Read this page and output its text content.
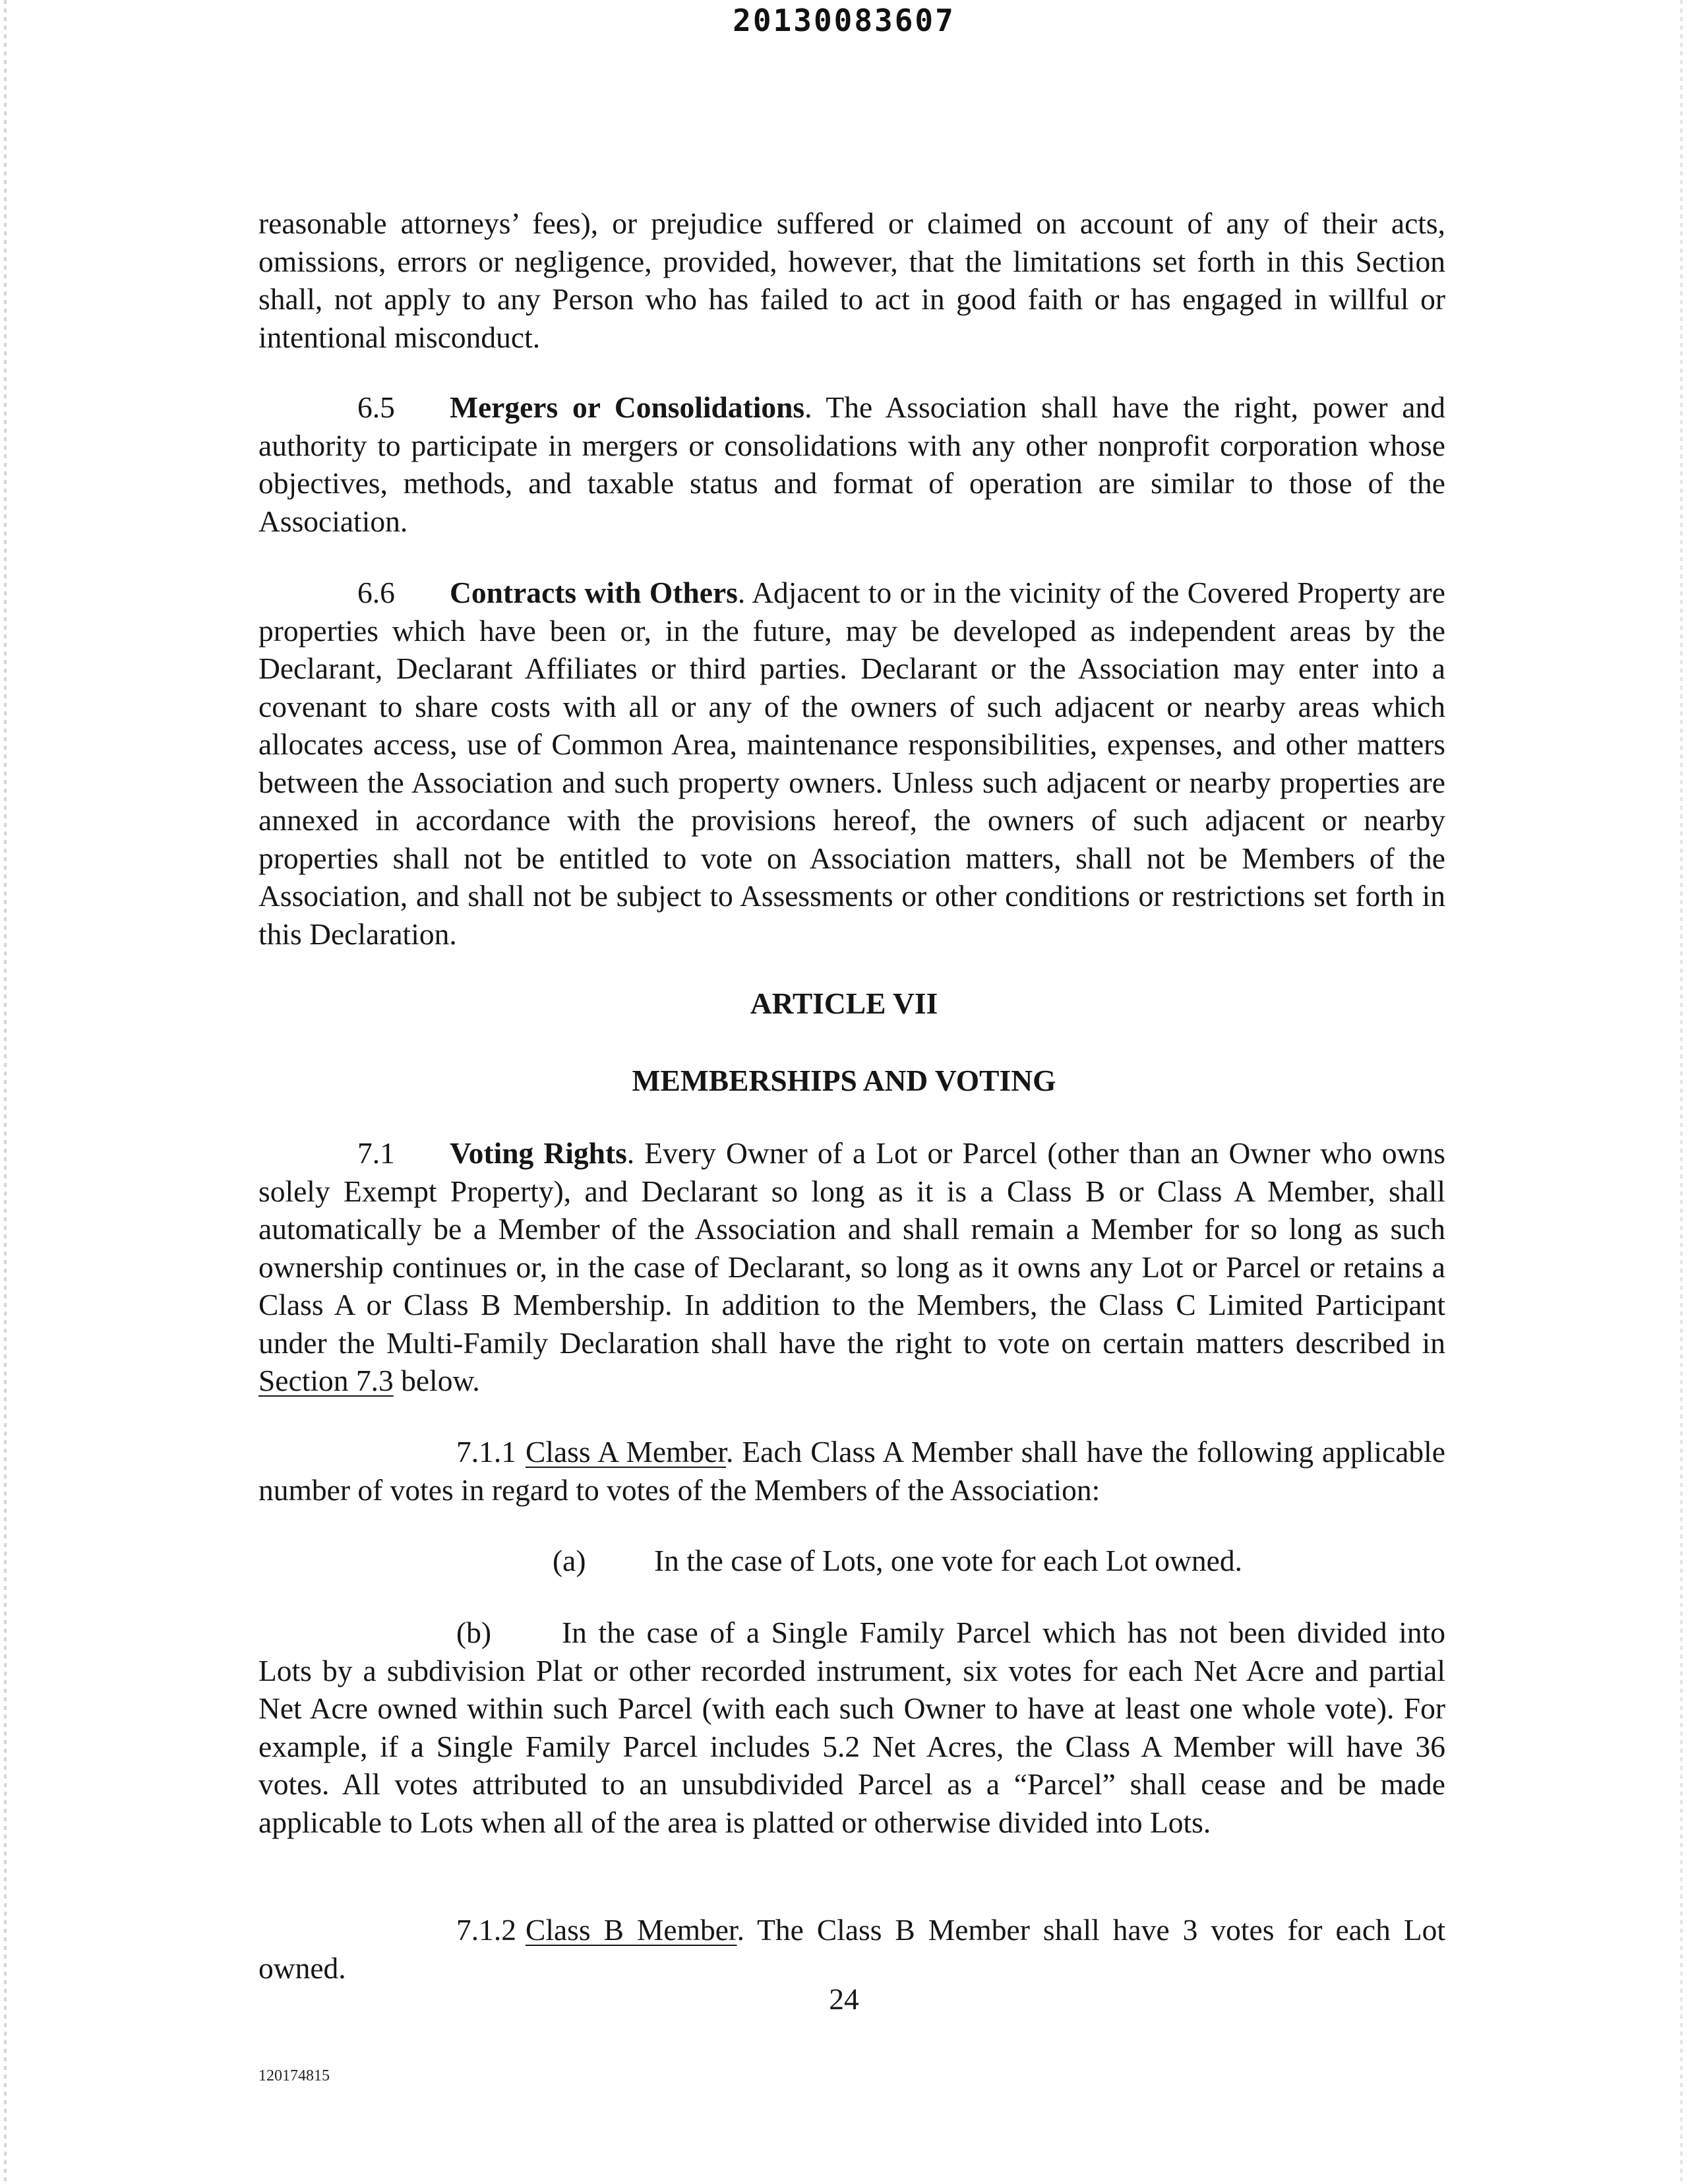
20130083607

reasonable attorneys’ fees), or prejudice suffered or claimed on account of any of their acts, omissions, errors or negligence, provided, however, that the limitations set forth in this Section shall, not apply to any Person who has failed to act in good faith or has engaged in willful or intentional misconduct.

6.5 Mergers or Consolidations. The Association shall have the right, power and authority to participate in mergers or consolidations with any other nonprofit corporation whose objectives, methods, and taxable status and format of operation are similar to those of the Association.

6.6 Contracts with Others. Adjacent to or in the vicinity of the Covered Property are properties which have been or, in the future, may be developed as independent areas by the Declarant, Declarant Affiliates or third parties. Declarant or the Association may enter into a covenant to share costs with all or any of the owners of such adjacent or nearby areas which allocates access, use of Common Area, maintenance responsibilities, expenses, and other matters between the Association and such property owners. Unless such adjacent or nearby properties are annexed in accordance with the provisions hereof, the owners of such adjacent or nearby properties shall not be entitled to vote on Association matters, shall not be Members of the Association, and shall not be subject to Assessments or other conditions or restrictions set forth in this Declaration.

ARTICLE VII

MEMBERSHIPS AND VOTING

7.1 Voting Rights. Every Owner of a Lot or Parcel (other than an Owner who owns solely Exempt Property), and Declarant so long as it is a Class B or Class A Member, shall automatically be a Member of the Association and shall remain a Member for so long as such ownership continues or, in the case of Declarant, so long as it owns any Lot or Parcel or retains a Class A or Class B Membership. In addition to the Members, the Class C Limited Participant under the Multi-Family Declaration shall have the right to vote on certain matters described in Section 7.3 below.

7.1.1 Class A Member. Each Class A Member shall have the following applicable number of votes in regard to votes of the Members of the Association:

(a) In the case of Lots, one vote for each Lot owned.

(b) In the case of a Single Family Parcel which has not been divided into Lots by a subdivision Plat or other recorded instrument, six votes for each Net Acre and partial Net Acre owned within such Parcel (with each such Owner to have at least one whole vote). For example, if a Single Family Parcel includes 5.2 Net Acres, the Class A Member will have 36 votes. All votes attributed to an unsubdivided Parcel as a “Parcel” shall cease and be made applicable to Lots when all of the area is platted or otherwise divided into Lots.

7.1.2 Class B Member. The Class B Member shall have 3 votes for each Lot owned.

24
120174815
